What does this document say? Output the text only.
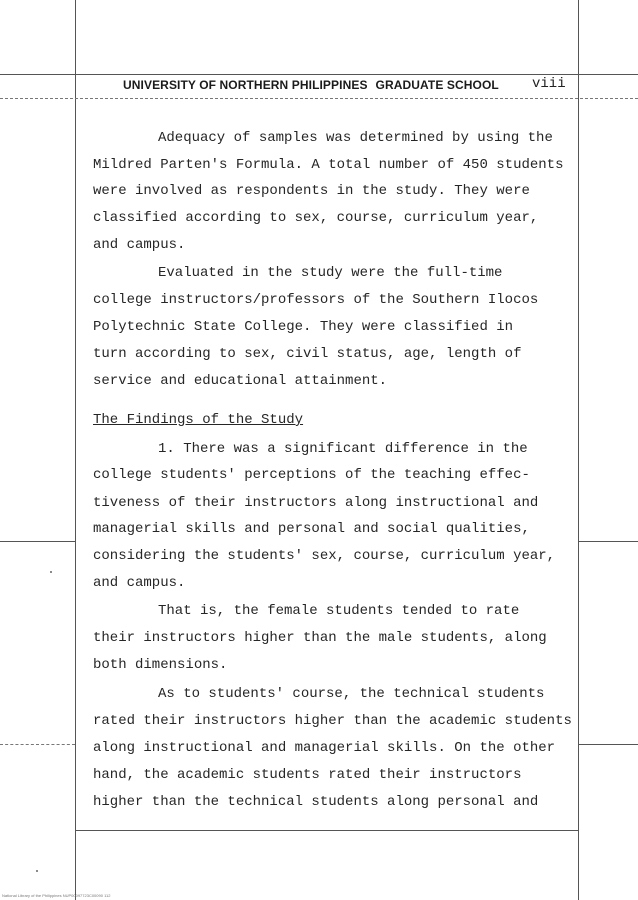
UNIVERSITY OF NORTHERN PHILIPPINES GRADUATE SCHOOL viii
Adequacy of samples was determined by using the
Mildred Parten's Formula. A total number of 450 students
were involved as respondents in the study. They were
classified according to sex, course, curriculum year,
and campus.
Evaluated in the study were the full-time
college instructors/professors of the Southern Ilocos
Polytechnic State College. They were classified in
turn according to sex, civil status, age, length of
service and educational attainment.
The Findings of the Study
1. There was a significant difference in the
college students' perceptions of the teaching effec-
tiveness of their instructors along instructional and
managerial skills and personal and social qualities,
considering the students' sex, course, curriculum year,
and campus.
That is, the female students tended to rate
their instructors higher than the male students, along
both dimensions.
As to students' course, the technical students
rated their instructors higher than the academic students
along instructional and managerial skills. On the other
hand, the academic students rated their instructors
higher than the technical students along personal and
National Library of the Philippines NUP00097723C00090 112
